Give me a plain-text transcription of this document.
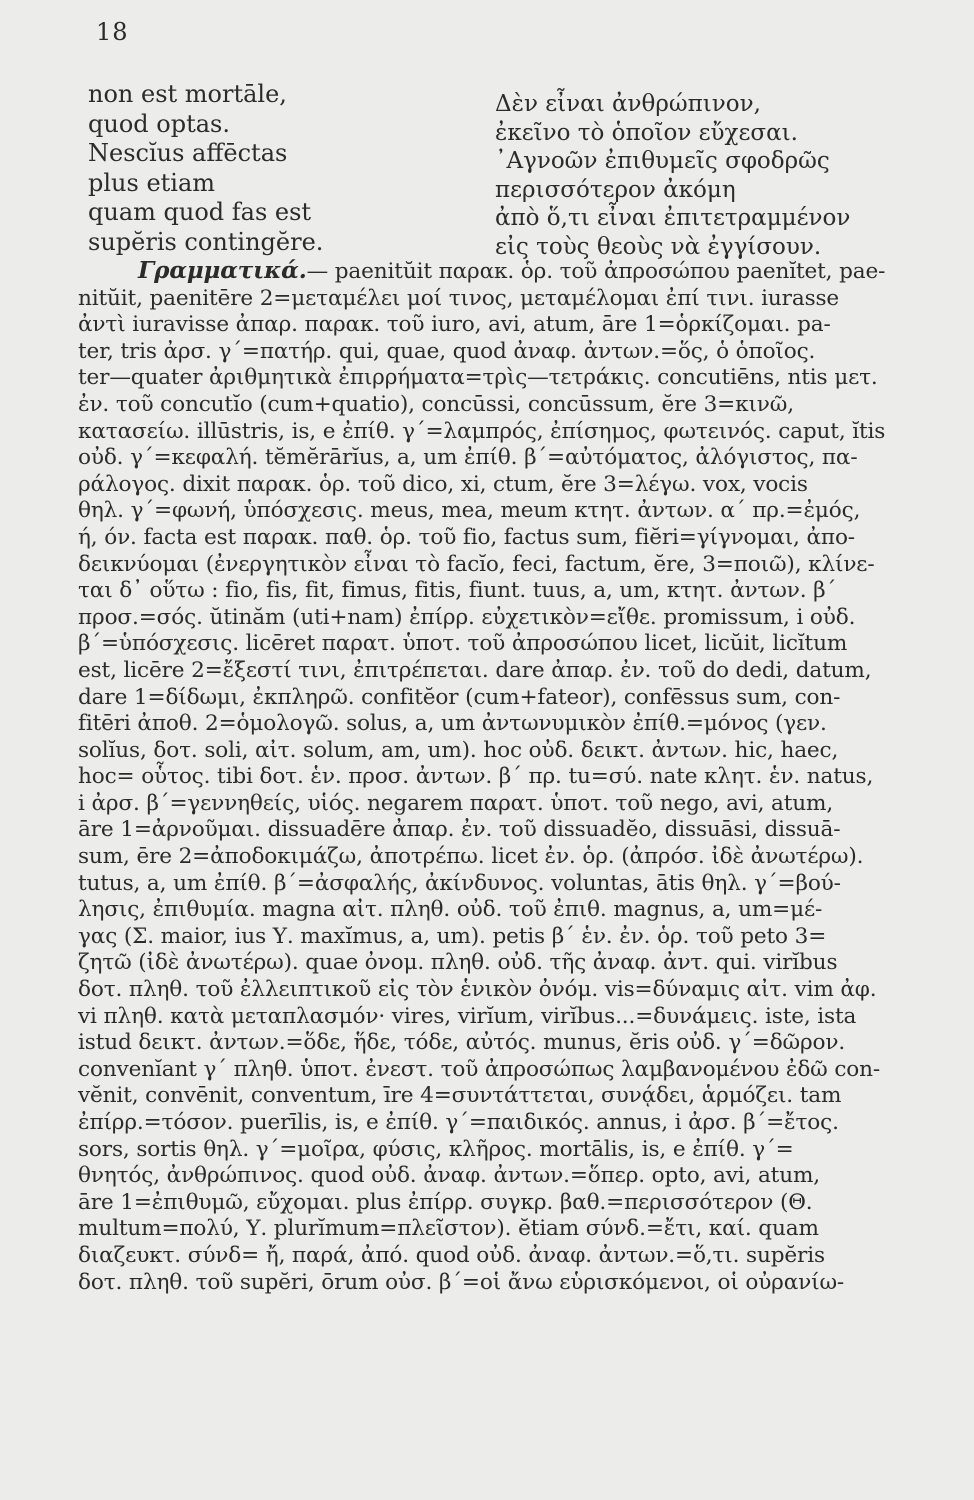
18
non est mortāle,
quod optas.
Nescĭus affēctas
plus etiam
quam quod fas est
supĕris contingĕre.
Δὲν εἶναι ἀνθρώπινον,
ἐκεῖνο τὸ ὁποῖον εὔχεσαι.
᾿Αγνοῶν ἐπιθυμεῖς σφοδρῶς
περισσότερον ἀκόμη
ἀπὸ ὅ,τι εἶναι ἐπιτετραμμένον
εἰς τοὺς θεοὺς νὰ ἐγγίσουν.
Γραμματικά.— paenitŭit παρακ. ὁρ. τοῦ ἀπροσώπου paenĭtet, pae-
nitŭit, paenitēre 2=μεταμέλει μοί τινος, μεταμέλομαι ἐπί τινι. iurasse
ἀντὶ iuravisse ἀπαρ. παρακ. τοῦ iuro, avi, atum, āre 1=ὁρκίζομαι. pa-
ter, tris ἀρσ. γ΄=πατήρ. qui, quae, quod ἀναφ. ἀντων.=ὅς, ὁ ὁποῖος.
ter—quater ἀριθμητικὰ ἐπιρρήματα=τρὶς—τετράκις. concutiēns, ntis μετ.
ἐν. τοῦ concutĭo (cum+quatio), concūssi, concūssum, ĕre 3=κινῶ,
κατασείω. illūstris, is, e ἐπίθ. γ΄=λαμπρός, ἐπίσημος, φωτεινός. caput, ĭtis
οὐδ. γ΄=κεφαλή. tĕmĕrārĭus, a, um ἐπίθ. β΄=αὐτόματος, ἀλόγιστος, πα-
ράλογος. dixit παρακ. ὁρ. τοῦ dico, xi, ctum, ĕre 3=λέγω. vox, vocis
θηλ. γ΄=φωνή, ὑπόσχεσις. meus, mea, meum κτητ. ἀντων. α΄ πρ.=ἐμός,
ή, όν. facta est παρακ. παθ. ὁρ. τοῦ fio, factus sum, fiĕri=γίγνομαι, ἀπο-
δεικνύομαι (ἐνεργητικὸν εἶναι τὸ facĭo, feci, factum, ĕre, 3=ποιῶ), κλίνε-
ται δ᾿ οὕτω : fio, fis, fit, fimus, fitis, fiunt. tuus, a, um, κτητ. ἀντων. β΄
προσ.=σός. ŭtinăm (uti+nam) ἐπίρρ. εὐχετικὸν=εἴθε. promissum, i οὐδ.
β΄=ὑπόσχεσις. licēret παρατ. ὑποτ. τοῦ ἀπροσώπου licet, licŭit, licĭtum
est, licēre 2=ἔξεστί τινι, ἐπιτρέπεται. dare ἀπαρ. ἐν. τοῦ do dedi, datum,
dare 1=δίδωμι, ἐκπληρῶ. confitĕor (cum+fateor), confēssus sum, con-
fitēri ἀποθ. 2=ὁμολογῶ. solus, a, um ἀντωνυμικὸν ἐπίθ.=μόνος (γεν.
solĭus, δοτ. soli, αἰτ. solum, am, um). hoc οὐδ. δεικτ. ἀντων. hic, haec,
hoc= οὗτος. tibi δοτ. ἑν. προσ. ἀντων. β΄ πρ. tu=σύ. nate κλητ. ἑν. natus,
i ἀρσ. β΄=γεννηθείς, υἱός. negarem παρατ. ὑποτ. τοῦ nego, avi, atum,
āre 1=ἀρνοῦμαι. dissuadēre ἀπαρ. ἐν. τοῦ dissuadĕo, dissuāsi, dissuā-
sum, ēre 2=ἀποδοκιμάζω, ἀποτρέπω. licet ἐν. ὁρ. (ἀπρόσ. ἰδὲ ἀνωτέρω).
tutus, a, um ἐπίθ. β΄=ἀσφαλής, ἀκίνδυνος. voluntas, ātis θηλ. γ΄=βού-
λησις, ἐπιθυμία. magna αἰτ. πληθ. οὐδ. τοῦ ἐπιθ. magnus, a, um=μέ-
γας (Σ. maior, ius Υ. maxĭmus, a, um). petis β΄ ἑν. ἐν. ὁρ. τοῦ peto 3=
ζητῶ (ἰδὲ ἀνωτέρω). quae ὀνομ. πληθ. οὐδ. τῆς ἀναφ. ἀντ. qui. virĭbus
δοτ. πληθ. τοῦ ἐλλειπτικοῦ εἰς τὸν ἑνικὸν ὀνόμ. vis=δύναμις αἰτ. vim ἀφ.
vi πληθ. κατὰ μεταπλασμόν· vires, virĭum, virĭbus...=δυνάμεις. iste, ista
istud δεικτ. ἀντων.=ὅδε, ἥδε, τόδε, αὐτός. munus, ĕris οὐδ. γ΄=δῶρον.
convenĭant γ΄ πληθ. ὑποτ. ἐνεστ. τοῦ ἀπροσώπως λαμβανομένου ἐδῶ con-
vĕnit, convēnit, conventum, īre 4=συντάττεται, συνᾴδει, ἁρμόζει. tam
ἐπίρρ.=τόσον. puerīlis, is, e ἐπίθ. γ΄=παιδικός. annus, i ἀρσ. β΄=ἔτος.
sors, sortis θηλ. γ΄=μοῖρα, φύσις, κλῆρος. mortālis, is, e ἐπίθ. γ΄=
θνητός, ἀνθρώπινος. quod οὐδ. ἀναφ. ἀντων.=ὅπερ. opto, avi, atum,
āre 1=ἐπιθυμῶ, εὔχομαι. plus ἐπίρρ. συγκρ. βαθ.=περισσότερον (Θ.
multum=πολύ, Υ. plurĭmum=πλεῖστον). ĕtiam σύνδ.=ἔτι, καί. quam
διαζευκτ. σύνδ= ἤ, παρά, ἀπό. quod οὐδ. ἀναφ. ἀντων.=ὅ,τι. supĕris
δοτ. πληθ. τοῦ supĕri, ōrum οὐσ. β΄=οἱ ἄνω εὑρισκόμενοι, οἱ οὐρανίω-
